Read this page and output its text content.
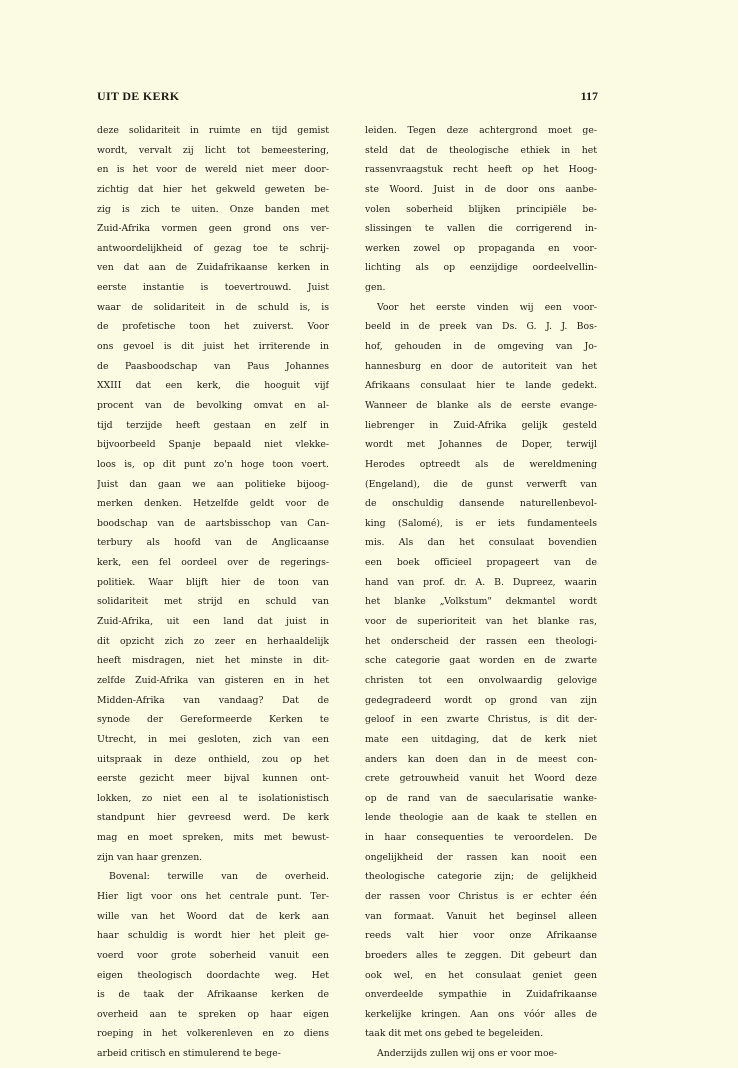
UIT DE KERK	117
deze solidariteit in ruimte en tijd gemist
wordt, vervalt zij licht tot bemeestering,
en is het voor de wereld niet meer door-
zichtig dat hier het gekweld geweten be-
zig is zich te uiten. Onze banden met
Zuid-Afrika vormen geen grond ons ver-
antwoordelijkheid of gezag toe te schrij-
ven dat aan de Zuidafrikaanse kerken in
eerste instantie is toevertrouwd. Juist
waar de solidariteit in de schuld is, is
de profetische toon het zuiverst. Voor
ons gevoel is dit juist het irriterende in
de Paasboodschap van Paus Johannes
XXIII dat een kerk, die hooguit vijf
procent van de bevolking omvat en al-
tijd terzijde heeft gestaan en zelf in
bijvoorbeeld Spanje bepaald niet vlekke-
loos is, op dit punt zo'n hoge toon voert.
Juist dan gaan we aan politieke bijoog-
merken denken. Hetzelfde geldt voor de
boodschap van de aartsbisschop van Can-
terbury als hoofd van de Anglicaanse
kerk, een fel oordeel over de regerings-
politiek. Waar blijft hier de toon van
solidariteit met strijd en schuld van
Zuid-Afrika, uit een land dat juist in
dit opzicht zich zo zeer en herhaaldelijk
heeft misdragen, niet het minste in dit-
zelfde Zuid-Afrika van gisteren en in het
Midden-Afrika van vandaag? Dat de
synode der Gereformeerde Kerken te
Utrecht, in mei gesloten, zich van een
uitspraak in deze onthield, zou op het
eerste gezicht meer bijval kunnen ont-
lokken, zo niet een al te isolationistisch
standpunt hier gevreesd werd. De kerk
mag en moet spreken, mits met bewust-
zijn van haar grenzen.
Bovenal: terwille van de overheid.
Hier ligt voor ons het centrale punt. Ter-
wille van het Woord dat de kerk aan
haar schuldig is wordt hier het pleit ge-
voerd voor grote soberheid vanuit een
eigen theologisch doordachte weg. Het
is de taak der Afrikaanse kerken de
overheid aan te spreken op haar eigen
roeping in het volkerenleven en zo diens
arbeid critisch en stimulerend te bege-
leiden. Tegen deze achtergrond moet ge-
steld dat de theologische ethiek in het
rassenvraagstuk recht heeft op het Hoog-
ste Woord. Juist in de door ons aanbe-
volen soberheid blijken principiële be-
slissingen te vallen die corrigerend in-
werken zowel op propaganda en voor-
lichting als op eenzijdige oordeelvellin-
gen.
Voor het eerste vinden wij een voor-
beeld in de preek van Ds. G. J. J. Bos-
hof, gehouden in de omgeving van Jo-
hannesburg en door de autoriteit van het
Afrikaans consulaat hier te lande gedekt.
Wanneer de blanke als de eerste evange-
liebrenger in Zuid-Afrika gelijk gesteld
wordt met Johannes de Doper, terwijl
Herodes optreedt als de wereldmening
(Engeland), die de gunst verwerft van
de onschuldig dansende naturellenbevol-
king (Salomé), is er iets fundamenteels
mis. Als dan het consulaat bovendien
een boek officieel propageert van de
hand van prof. dr. A. B. Dupreez, waarin
het blanke „Volkstum" dekmantel wordt
voor de superioriteit van het blanke ras,
het onderscheid der rassen een theologi-
sche categorie gaat worden en de zwarte
christen tot een onvolwaardig gelovige
gedegradeerd wordt op grond van zijn
geloof in een zwarte Christus, is dit der-
mate een uitdaging, dat de kerk niet
anders kan doen dan in de meest con-
crete getrouwheid vanuit het Woord deze
op de rand van de saecularisatie wanke-
lende theologie aan de kaak te stellen en
in haar consequenties te veroordelen. De
ongelijkheid der rassen kan nooit een
theologische categorie zijn; de gelijkheid
der rassen voor Christus is er echter één
van formaat. Vanuit het beginsel alleen
reeds valt hier voor onze Afrikaanse
broeders alles te zeggen. Dit gebeurt dan
ook wel, en het consulaat geniet geen
onverdeelde sympathie in Zuidafrikaanse
kerkelijke kringen. Aan ons vóór alles de
taak dit met ons gebed te begeleiden.
Anderzijds zullen wij ons er voor moe-
